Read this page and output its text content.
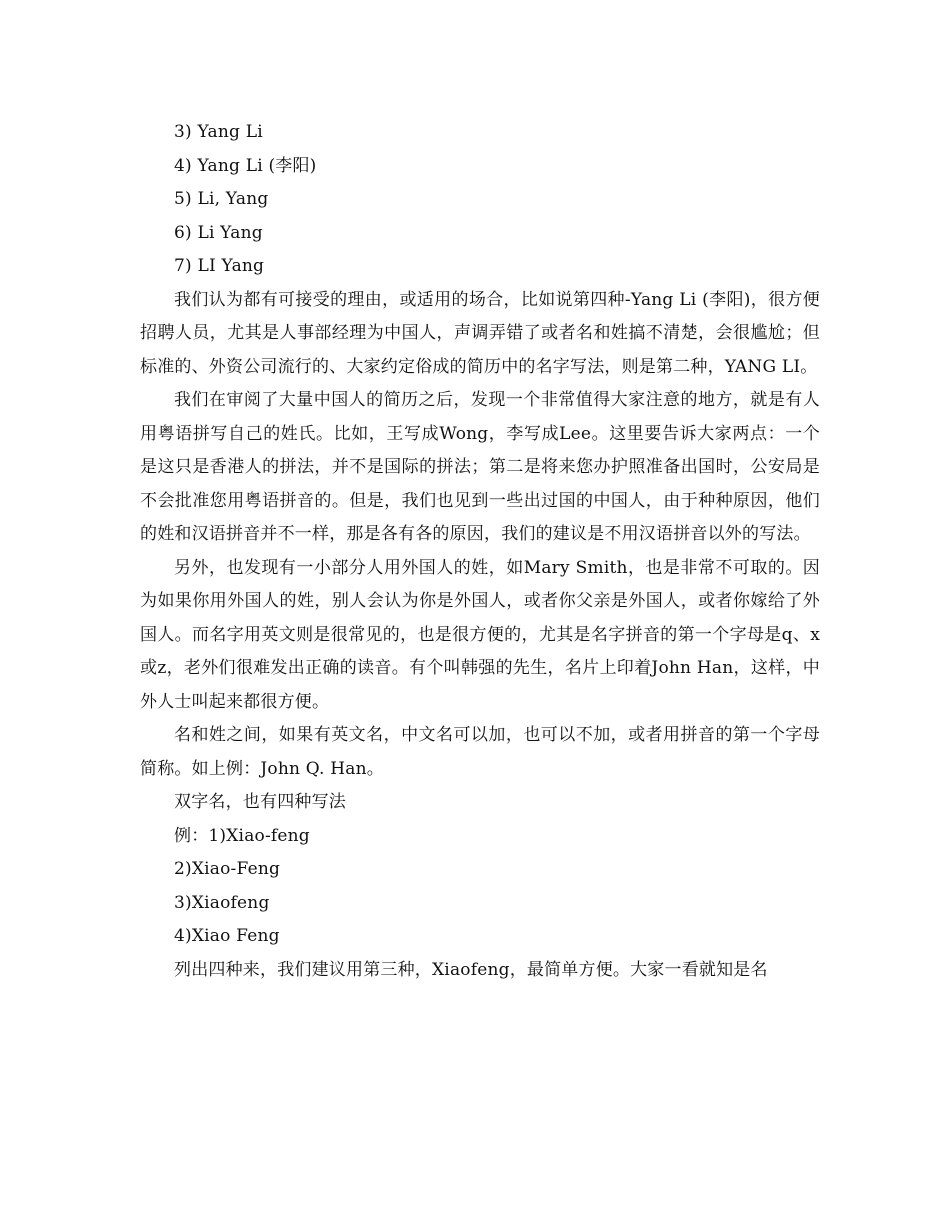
3) Yang Li

4) Yang Li (李阳)

5) Li, Yang

6) Li Yang

7) LI Yang

我们认为都有可接受的理由，或适用的场合，比如说第四种-Yang Li (李阳)，很方便招聘人员，尤其是人事部经理为中国人，声调弄错了或者名和姓搞不清楚，会很尴尬；但标准的、外资公司流行的、大家约定俗成的简历中的名字写法，则是第二种，YANG LI。

我们在审阅了大量中国人的简历之后，发现一个非常值得大家注意的地方，就是有人用粤语拼写自己的姓氏。比如，王写成Wong，李写成Lee。这里要告诉大家两点：一个是这只是香港人的拼法，并不是国际的拼法；第二是将来您办护照准备出国时，公安局是不会批准您用粤语拼音的。但是，我们也见到一些出过国的中国人，由于种种原因，他们的姓和汉语拼音并不一样，那是各有各的原因，我们的建议是不用汉语拼音以外的写法。

另外，也发现有一小部分人用外国人的姓，如Mary Smith，也是非常不可取的。因为如果你用外国人的姓，别人会认为你是外国人，或者你父亲是外国人，或者你嫁给了外国人。而名字用英文则是很常见的，也是很方便的，尤其是名字拼音的第一个字母是q、x或z，老外们很难发出正确的读音。有个叫韩强的先生，名片上印着John Han，这样，中外人士叫起来都很方便。

名和姓之间，如果有英文名，中文名可以加，也可以不加，或者用拼音的第一个字母简称。如上例：John Q. Han。

双字名，也有四种写法

例：1)Xiao-feng

2)Xiao-Feng

3)Xiaofeng

4)Xiao Feng

列出四种来，我们建议用第三种，Xiaofeng，最简单方便。大家一看就知是名
